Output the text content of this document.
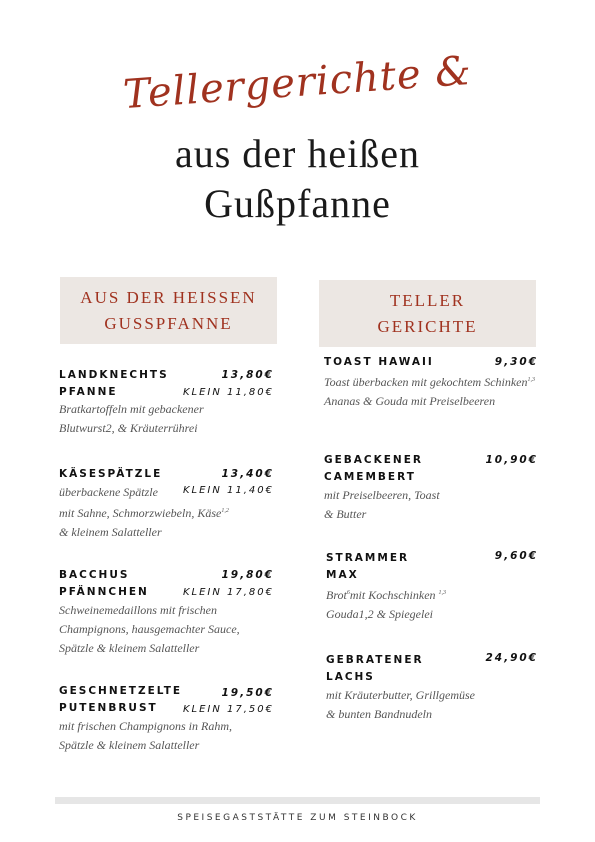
Tellergerichte &
aus der heißen
Gußpfanne
AUS DER HEISSEN
GUSSPFANNE
TELLER
GERICHTE
LANDKNECHTS
PFANNE
13,80€
KLEIN 11,80€
Bratkartoffeln mit gebackener
Blutwurst2, & Kräuterrührei
KÄSESPÄTZLE	13,40€
KLEIN 11,40€
überbackene Spätzle
mit Sahne, Schmorzwiebeln, Käse$^{1,2}$
& kleinem Salatteller
BACCHUS
PFÄNNCHEN
19,80€
KLEIN 17,80€
Schweinemedaillons mit frischen
Champignons, hausgemachter Sauce,
Spätzle & kleinem Salatteller
GESCHNETZELTE
PUTENBRUST
19,50€
KLEIN 17,50€
mit frischen Champignons in Rahm,
Spätzle & kleinem Salatteller
TOAST HAWAII	9,30€
Toast überbacken mit gekochtem Schinken$^{1,3}$
Ananas & Gouda mit Preiselbeeren
GEBACKENER
CAMEMBERT
10,90€
mit Preiselbeeren, Toast
& Butter
STRAMMER
MAX
9,60€
Brot$^6$mit Kochschinken $^{1,3}$
Gouda1,2 & Spiegelei
GEBRATENER
LACHS
24,90€
mit Kräuterbutter, Grillgemüse
& bunten Bandnudeln
SPEISEGASTSTÄTTE ZUM STEINBOCK
